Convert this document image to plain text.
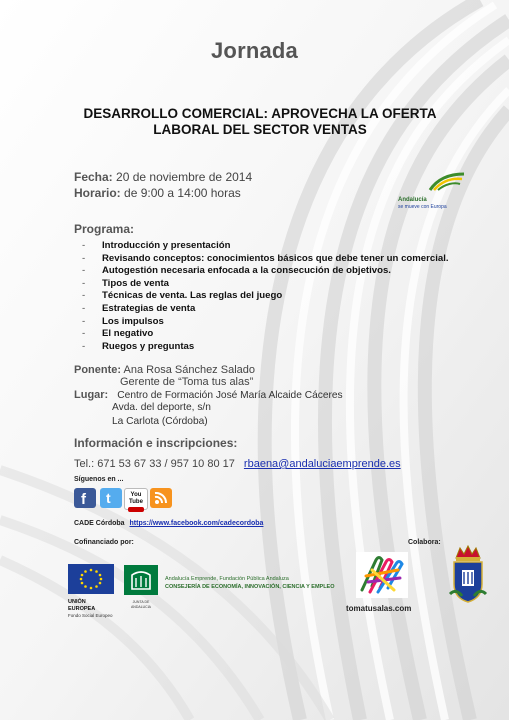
Jornada
DESARROLLO COMERCIAL: APROVECHA LA OFERTA
LABORAL DEL SECTOR VENTAS
Fecha: 20 de noviembre de 2014
Horario: de 9:00 a 14:00 horas	Andalucía
se mueve con Europa
Programa:
- Introducción y presentación
- Revisando conceptos: conocimientos básicos que debe tener un comercial.
- Autogestión necesaria enfocada a la consecución de objetivos.
- Tipos de venta
- Técnicas de venta. Las reglas del juego
- Estrategias de venta
- Los impulsos
- El negativo
- Ruegos y preguntas
Ponente: Ana Rosa Sánchez Salado
Gerente de “Toma tus alas”
Lugar: Centro de Formación José María Alcaide Cáceres
Avda. del deporte, s/n
La Carlota (Córdoba)
Información e inscripciones:
Tel.: 671 53 67 33 / 957 10 80 17 rbaena@andaluciaemprende.es
Síguenos en ...
f t	You Tube
CADE Córdoba https://www.facebook.com/cadecordoba
Cofinanciado por:	Colabora:
UNIÓN EUROPEA
Fondo Social Europeo
JUNTA DE ANDALUCIA
Andalucía Emprende, Fundación Pública Andaluza
CONSEJERÍA DE ECONOMÍA, INNOVACIÓN, CIENCIA Y EMPLEO
tomatusalas.com
